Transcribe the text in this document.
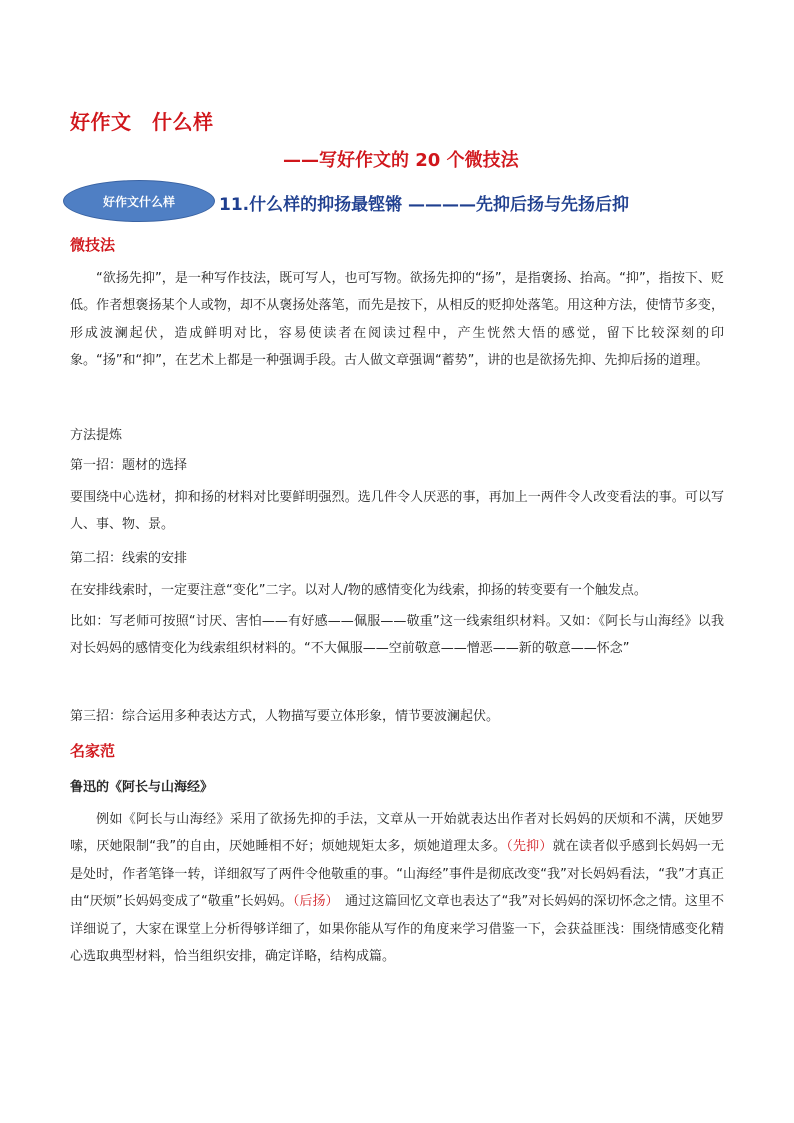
好作文　什么样
——写好作文的 20 个微技法
好作文什么样	11.什么样的抑扬最铿锵 ————先抑后扬与先扬后抑
微技法

“欲扬先抑”，是一种写作技法，既可写人，也可写物。欲扬先抑的“扬”，是指褒扬、抬高。“抑”，指按下、贬低。作者想褒扬某个人或物，却不从褒扬处落笔，而先是按下，从相反的贬抑处落笔。用这种方法，使情节多变，形成波澜起伏，造成鲜明对比，容易使读者在阅读过程中，产生恍然大悟的感觉，留下比较深刻的印象。“扬”和“抑”，在艺术上都是一种强调手段。古人做文章强调“蓄势”，讲的也是欲扬先抑、先抑后扬的道理。

方法提炼
第一招：题材的选择

要围绕中心选材，抑和扬的材料对比要鲜明强烈。选几件令人厌恶的事，再加上一两件令人改变看法的事。可以写人、事、物、景。

第二招：线索的安排
在安排线索时，一定要注意“变化”二字。以对人/物的感情变化为线索，抑扬的转变要有一个触发点。

比如：写老师可按照“讨厌、害怕——有好感——佩服——敬重”这一线索组织材料。又如：《阿长与山海经》以我对长妈妈的感情变化为线索组织材料的。“不大佩服——空前敬意——憎恶——新的敬意——怀念”

第三招：综合运用多种表达方式，人物描写要立体形象，情节要波澜起伏。
名家范
鲁迅的《阿长与山海经》

例如《阿长与山海经》采用了欲扬先抑的手法，文章从一开始就表达出作者对长妈妈的厌烦和不满，厌她罗嗦，厌她限制“我”的自由，厌她睡相不好；烦她规矩太多，烦她道理太多。（先抑）就在读者似乎感到长妈妈一无是处时，作者笔锋一转，详细叙写了两件令他敬重的事。“山海经”事件是彻底改变“我”对长妈妈看法，“我”才真正由“厌烦”长妈妈变成了“敬重”长妈妈。（后扬）　通过这篇回忆文章也表达了“我”对长妈妈的深切怀念之情。这里不详细说了，大家在课堂上分析得够详细了，如果你能从写作的角度来学习借鉴一下，会获益匪浅：围绕情感变化精心选取典型材料，恰当组织安排，确定详略，结构成篇。
